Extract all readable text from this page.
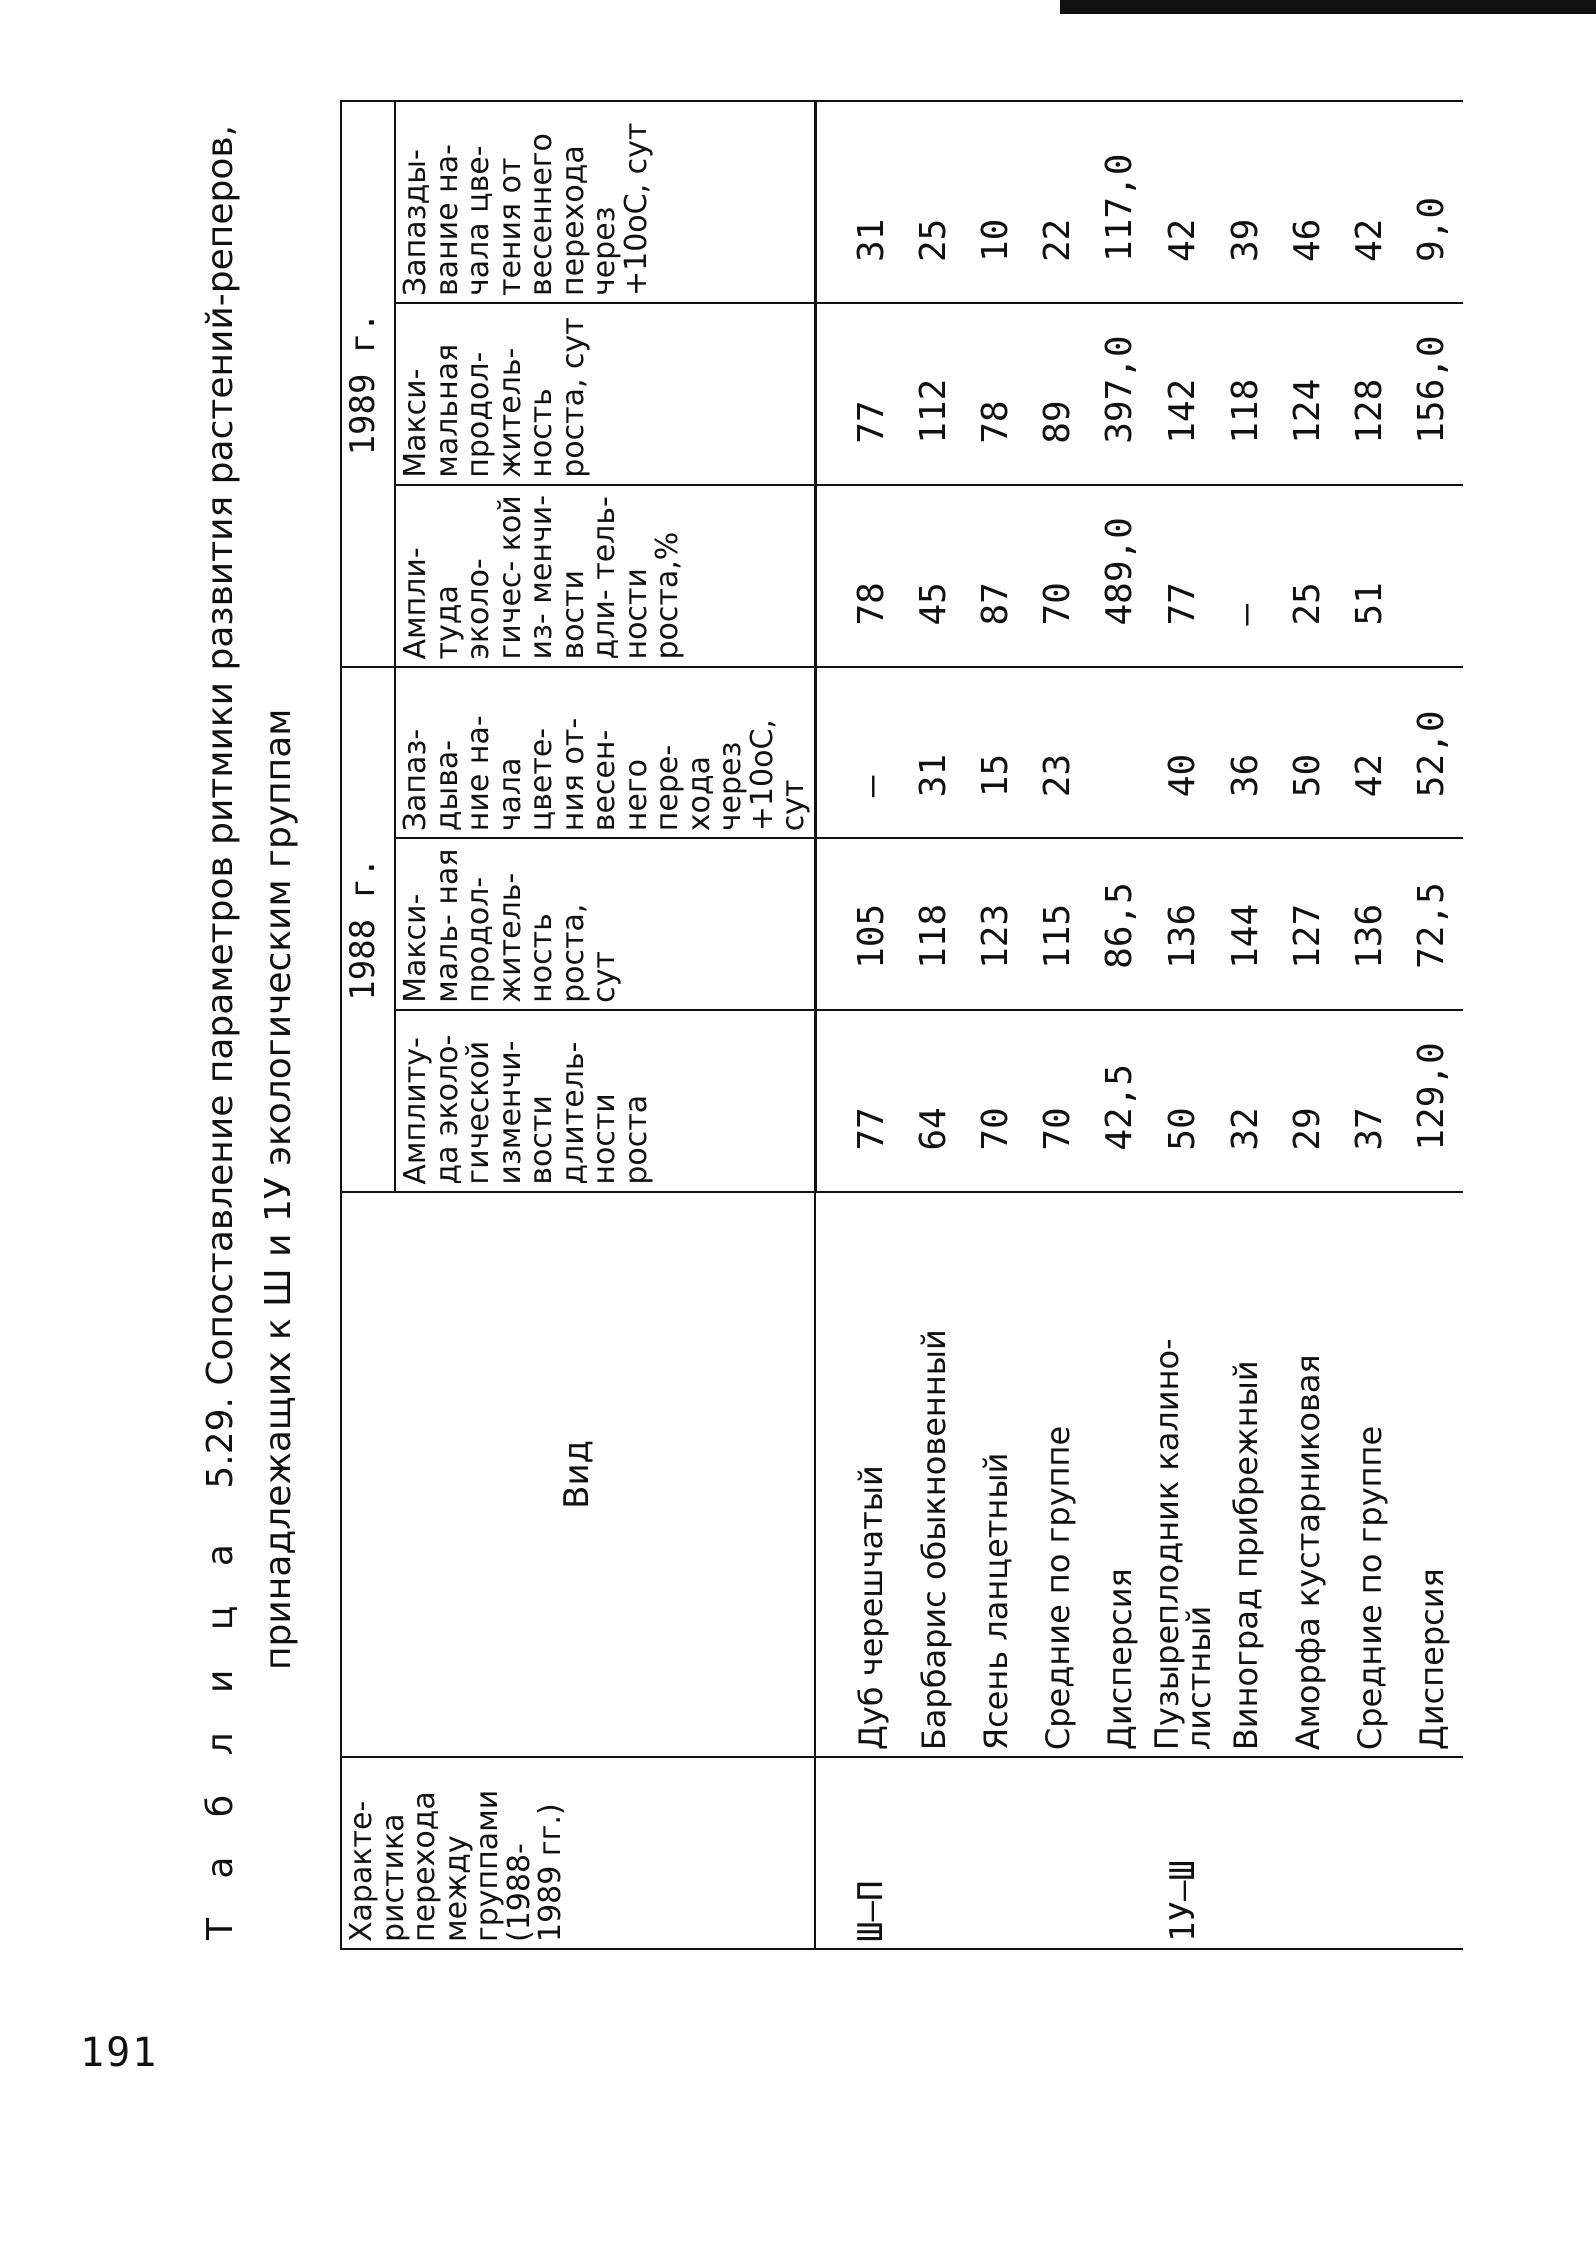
191
Т а б л и ц а 5.29. Сопоставление параметров ритмики развития растений-реперов, принадлежащих к Ш и 1У экологическим группам
Характе- ристика перехода между группами (1988- 1989 гг.)	Вид	1988 г.			1989 г.		
		Амплиту- да эколо- гической изменчи- вости длитель- ности роста	Макси- маль- ная продол- житель- ность роста, сут	Запаз- дыва- ние на- чала цвете- ния от- весен- него пере- хода через +10оС, сут	Ампли- туда эколо- гичес- кой из- менчи- вости дли- тель- ности роста,%	Макси- мальная продол- житель- ность роста, сут	Запазды- вание на- чала цве- тения от весеннего перехода через +10оС, сут
Ш–П	Дуб черешчатый	77	105	–	78	77	31
	Барбарис обыкновенный	64	118	31	45	112	25
	Ясень ланцетный	70	123	15	87	78	10
	Средние по группе	70	115	23	70	89	22
	Дисперсия	42,5	86,5		489,0	397,0	117,0
1У–Ш	Пузыреплодник калино- листный	50	136	40	77	142	42
	Виноград прибрежный	32	144	36	–	118	39
	Аморфа кустарниковая	29	127	50	25	124	46
	Средние по группе	37	136	42	51	128	42
	Дисперсия	129,0	72,5	52,0		156,0	9,0
